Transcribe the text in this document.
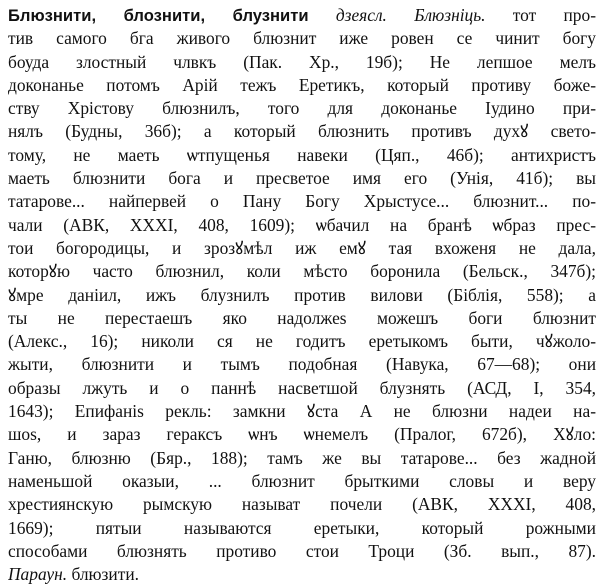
Блюзнити, блознити, блузнити дзеясл. Блюзнiць. тот про-
тив самого бга живого блюзнит иже ровен се чинит богу
боуда злостный члвкъ (Пак. Хр., 19б); Не лепшое мелъ
доконанье потомъ Арiй тежъ Еретикъ, который противу боже-
ству Хрiстову блюзнилъ, того для доконанье Iудино при-
нялъ (Будны, 36б); а который блюзнить противъ духꙋ свето-
тому, не маеть ѡтпущенья навеки (Цяп., 46б); антихристъ
маеть блюзнити бога и пресветое имя его (Унiя, 41б); вы
татарове... найпервей о Пану Богу Хрыстусе... блюзнит... по-
чали (АВК, XXXI, 408, 1609); ѡбачил на бранѣ ѡбраз прес-
тои богородицы, и зрозꙋмѣл иж емꙋ тая вхоженя не дала,
которꙋю часто блюзнил, коли мѣсто боронила (Бельск., 347б);
ꙋмре данiил, ижъ блузнилъ против вилови (Бiблiя, 558); а
ты не перестаешъ яко надолжеѕ можешъ боги блюзнит
(Алекс., 16); николи ся не годитъ еретыкомъ быти, чꙋжоло-
жыти, блюзнити и тымъ подобная (Навука, 67—68); они
образы лжуть и о паннѣ насветшой блузнять (АСД, I, 354,
1643); Епифанiѕ рекль: замкни ꙋста А не блюзни надеи на-
шоѕ, и зараз гераксъ ѡнъ ѡнемелъ (Пралог, 672б), Хꙋло:
Ганю, блюзню (Бяр., 188); тамъ же вы татарове... без жадной
наменьшой оказыи, ... блюзнит брыткими словы и веру
хрестиянскую рымскую называт почели (АВК, XXXI, 408,
1669); пятыи называются еретыки, который рожными
способами блюзнять противо стои Троци (Зб. вып., 87).
Параун. блюзити.
